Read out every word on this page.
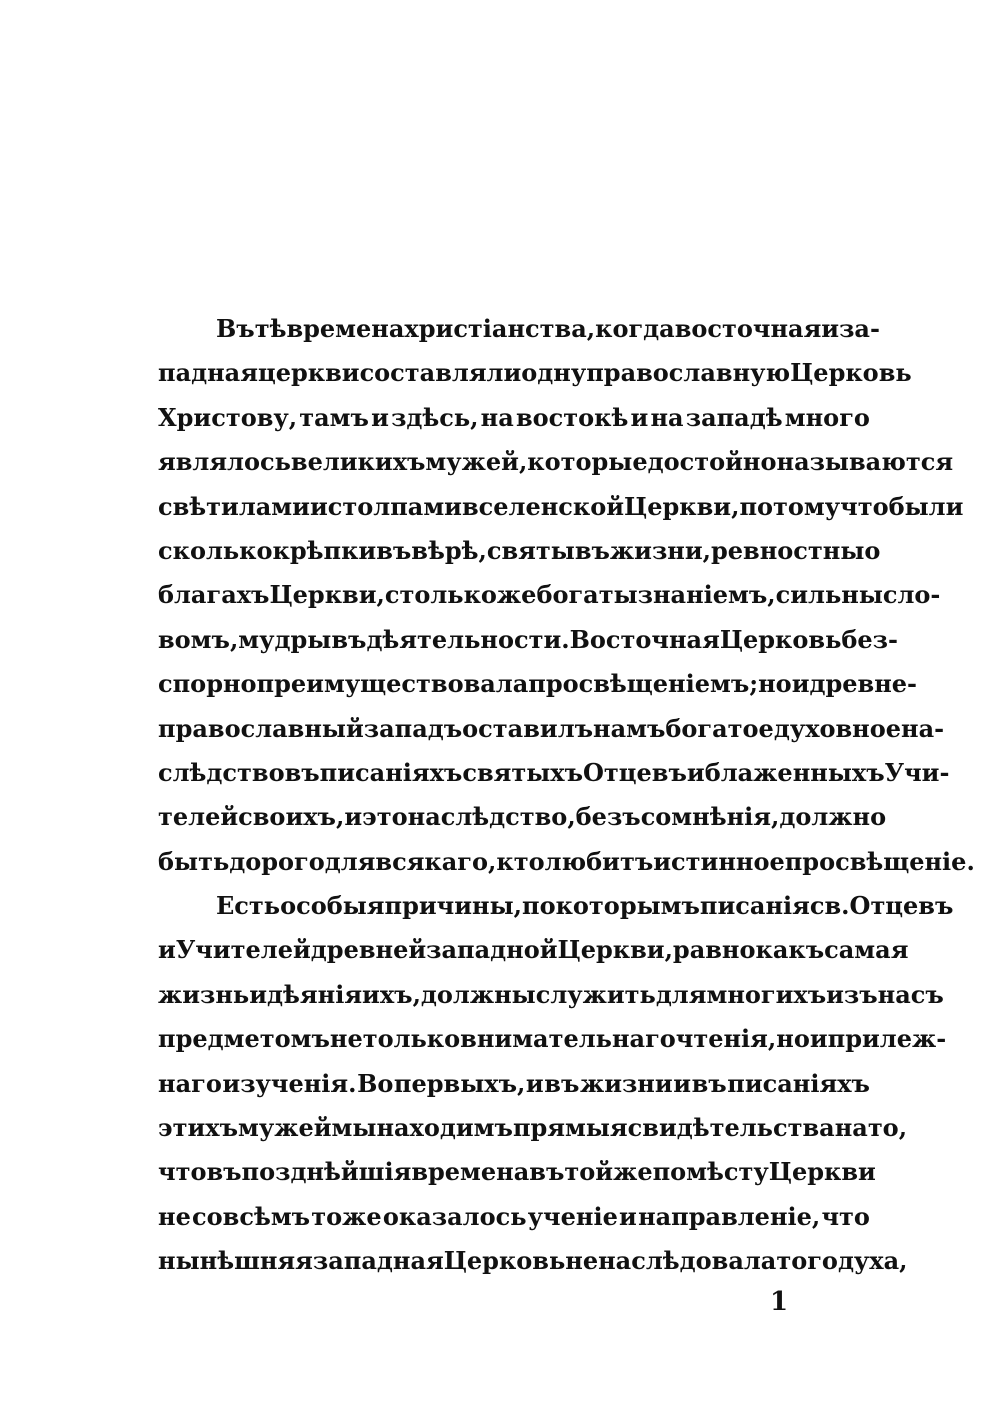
Въ тѣ времена христіанства, когда восточная и за-
падная церкви составляли одну православную Церковь
Христову, тамъ и здѣсь, на востокѣ и на западѣ много
являлось великихъ мужей, которые достойно называются
свѣтилами и столпами вселенской Церкви, потому что были
сколько крѣпки въ вѣрѣ, святы въ жизни, ревностны о
благахъ Церкви, столько же богаты знаніемъ, сильны сло-
вомъ, мудры въ дѣятельности. Восточная Церковь без-
спорно преимуществовала просвѣщеніемъ; но и древне-
православный западъ оставилъ намъ богатое духовное на-
слѣдство въ писаніяхъ святыхъ Отцевъ и блаженныхъ Учи-
телей своихъ, и это наслѣдство, безъ сомнѣнія, должно
быть дорого для всякаго, кто любитъ истинное просвѣщеніе.
Есть особыя причины, по которымъ писанія св. Отцевъ
и Учителей древней западной Церкви, равно какъ самая
жизнь и дѣянія ихъ, должны служить для многихъ изъ насъ
предметомъ не только внимательнаго чтенія, но и прилеж-
наго изученія. Во первыхъ, и въ жизни и въ писаніяхъ
этихъ мужей мы находимъ прямыя свидѣтельства на то,
что въ позднѣйшія времена въ той же по мѣсту Церкви
не совсѣмъ тоже оказалось ученіе и направленіе, что
нынѣшняя западная Церковь не наслѣдовала того духа,
1
